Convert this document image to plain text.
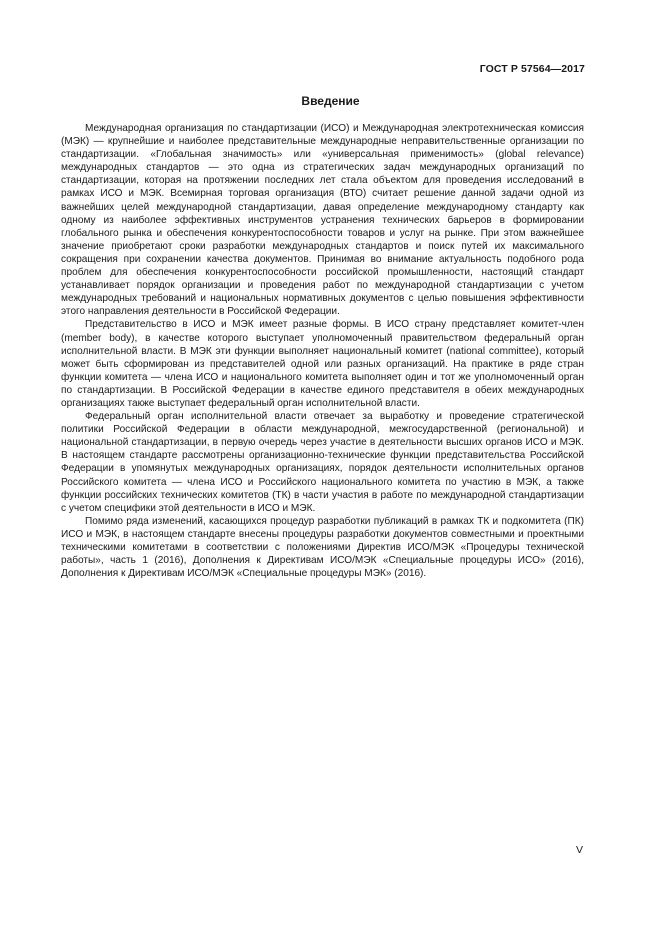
ГОСТ Р 57564—2017
Введение

Международная организация по стандартизации (ИСО) и Международная электротехническая комиссия (МЭК) — крупнейшие и наиболее представительные международные неправительственные организации по стандартизации. «Глобальная значимость» или «универсальная применимость» (global relevance) международных стандартов — это одна из стратегических задач международных организаций по стандартизации, которая на протяжении последних лет стала объектом для проведения исследований в рамках ИСО и МЭК. Всемирная торговая организация (ВТО) считает решение данной задачи одной из важнейших целей международной стандартизации, давая определение международному стандарту как одному из наиболее эффективных инструментов устранения технических барьеров в формировании глобального рынка и обеспечения конкурентоспособности товаров и услуг на рынке. При этом важнейшее значение приобретают сроки разработки международных стандартов и поиск путей их максимального сокращения при сохранении качества документов. Принимая во внимание актуальность подобного рода проблем для обеспечения конкурентоспособности российской промышленности, настоящий стандарт устанавливает порядок организации и проведения работ по международной стандартизации с учетом международных требований и национальных нормативных документов с целью повышения эффективности этого направления деятельности в Российской Федерации.

Представительство в ИСО и МЭК имеет разные формы. В ИСО страну представляет комитет-член (member body), в качестве которого выступает уполномоченный правительством федеральный орган исполнительной власти. В МЭК эти функции выполняет национальный комитет (national committee), который может быть сформирован из представителей одной или разных организаций. На практике в ряде стран функции комитета — члена ИСО и национального комитета выполняет один и тот же уполномоченный орган по стандартизации. В Российской Федерации в качестве единого представителя в обеих международных организациях также выступает федеральный орган исполнительной власти.

Федеральный орган исполнительной власти отвечает за выработку и проведение стратегической политики Российской Федерации в области международной, межгосударственной (региональной) и национальной стандартизации, в первую очередь через участие в деятельности высших органов ИСО и МЭК. В настоящем стандарте рассмотрены организационно-технические функции представительства Российской Федерации в упомянутых международных организациях, порядок деятельности исполнительных органов Российского комитета — члена ИСО и Российского национального комитета по участию в МЭК, а также функции российских технических комитетов (ТК) в части участия в работе по международной стандартизации с учетом специфики этой деятельности в ИСО и МЭК.

Помимо ряда изменений, касающихся процедур разработки публикаций в рамках ТК и подкомитета (ПК) ИСО и МЭК, в настоящем стандарте внесены процедуры разработки документов совместными и проектными техническими комитетами в соответствии с положениями Директив ИСО/МЭК «Процедуры технической работы», часть 1 (2016), Дополнения к Директивам ИСО/МЭК «Специальные процедуры ИСО» (2016), Дополнения к Директивам ИСО/МЭК «Специальные процедуры МЭК» (2016).

V
